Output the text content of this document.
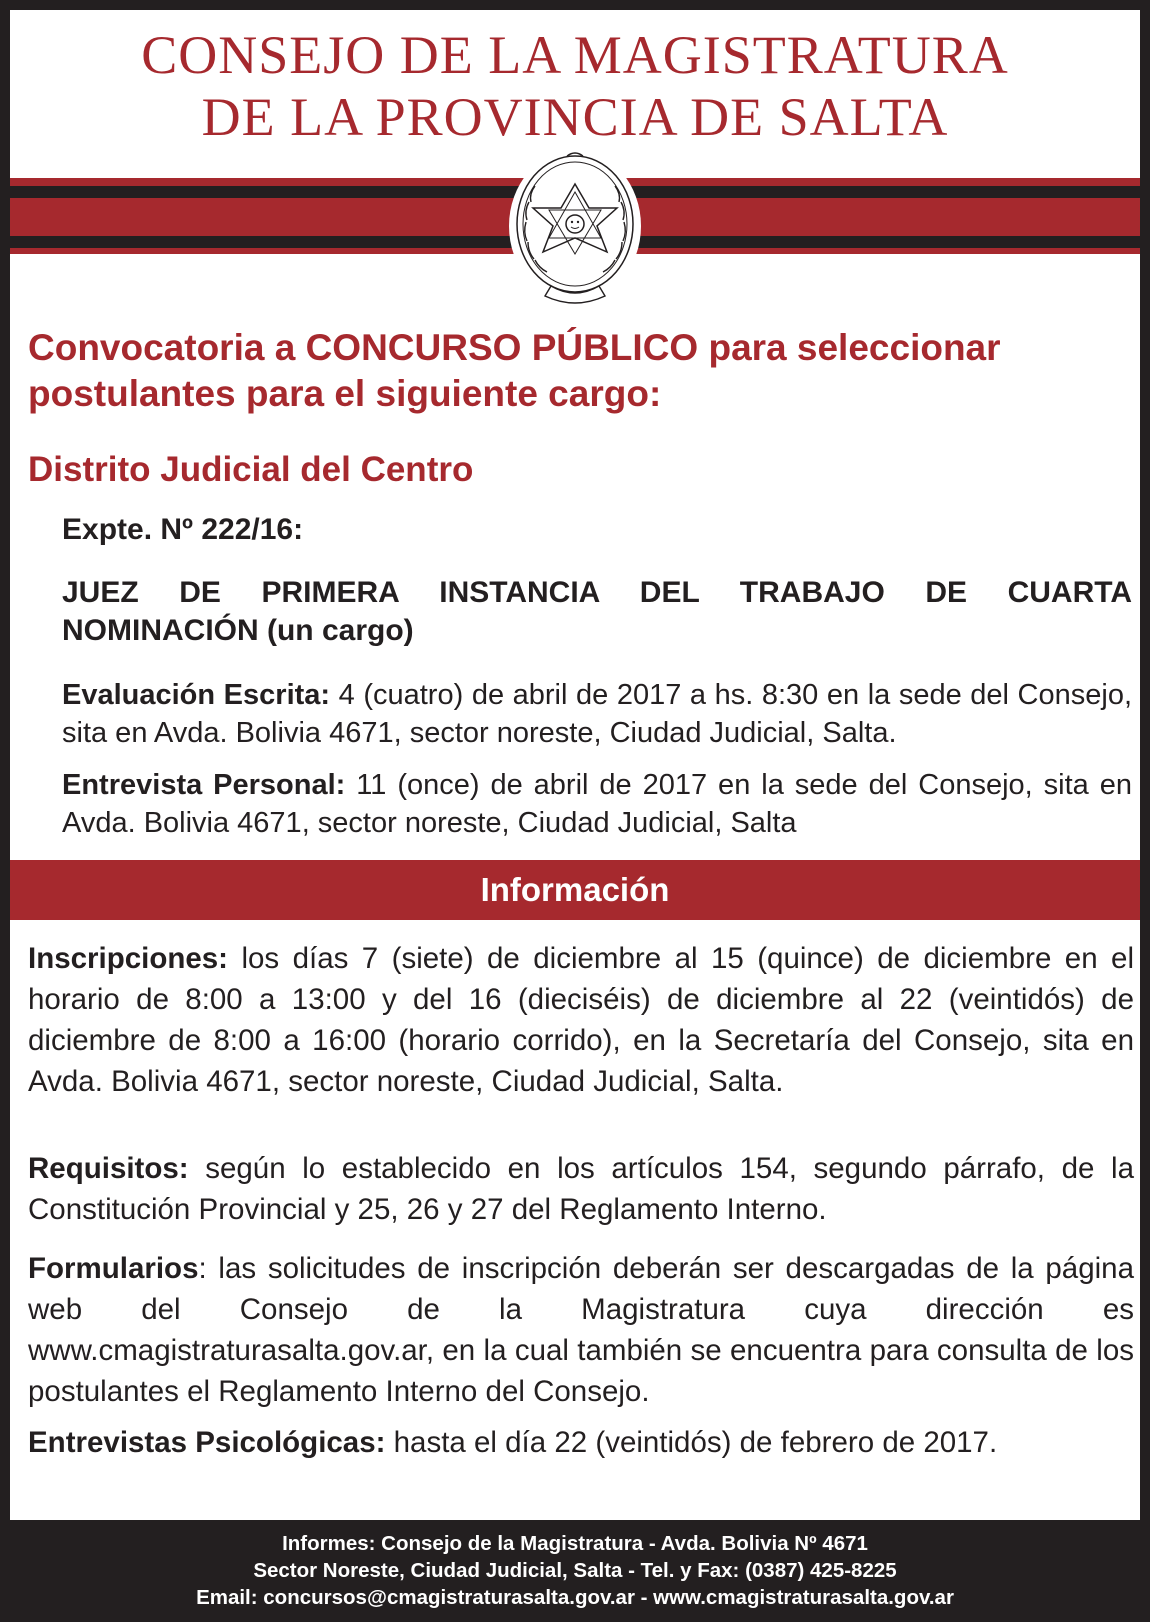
CONSEJO DE LA MAGISTRATURA
DE LA PROVINCIA DE SALTA
Convocatoria a CONCURSO PÚBLICO para seleccionar
postulantes para el siguiente cargo:
Distrito Judicial del Centro
Expte. Nº 222/16:
JUEZ DE PRIMERA INSTANCIA DEL TRABAJO DE CUARTA
NOMINACIÓN (un cargo)
Evaluación Escrita: 4 (cuatro) de abril de 2017 a hs. 8:30 en la sede del Consejo, sita en Avda. Bolivia 4671, sector noreste, Ciudad Judicial, Salta.
Entrevista Personal: 11 (once) de abril de 2017 en la sede del Consejo, sita en Avda. Bolivia 4671, sector noreste, Ciudad Judicial, Salta
Información
Inscripciones: los días 7 (siete) de diciembre al 15 (quince) de diciembre en el horario de 8:00 a 13:00 y del 16 (dieciséis) de diciembre al 22 (veintidós) de diciembre de 8:00 a 16:00 (horario corrido), en la Secretaría del Consejo, sita en Avda. Bolivia 4671, sector noreste, Ciudad Judicial, Salta.
Requisitos: según lo establecido en los artículos 154, segundo párrafo, de la Constitución Provincial y 25, 26 y 27 del Reglamento Interno.
Formularios: las solicitudes de inscripción deberán ser descargadas de la página web del Consejo de la Magistratura cuya dirección es www.cmagistraturasalta.gov.ar, en la cual también se encuentra para consulta de los postulantes el Reglamento Interno del Consejo.
Entrevistas Psicológicas: hasta el día 22 (veintidós) de febrero de 2017.
Informes: Consejo de la Magistratura - Avda. Bolivia Nº 4671
Sector Noreste, Ciudad Judicial, Salta - Tel. y Fax: (0387) 425-8225
Email: concursos@cmagistraturasalta.gov.ar - www.cmagistraturasalta.gov.ar
